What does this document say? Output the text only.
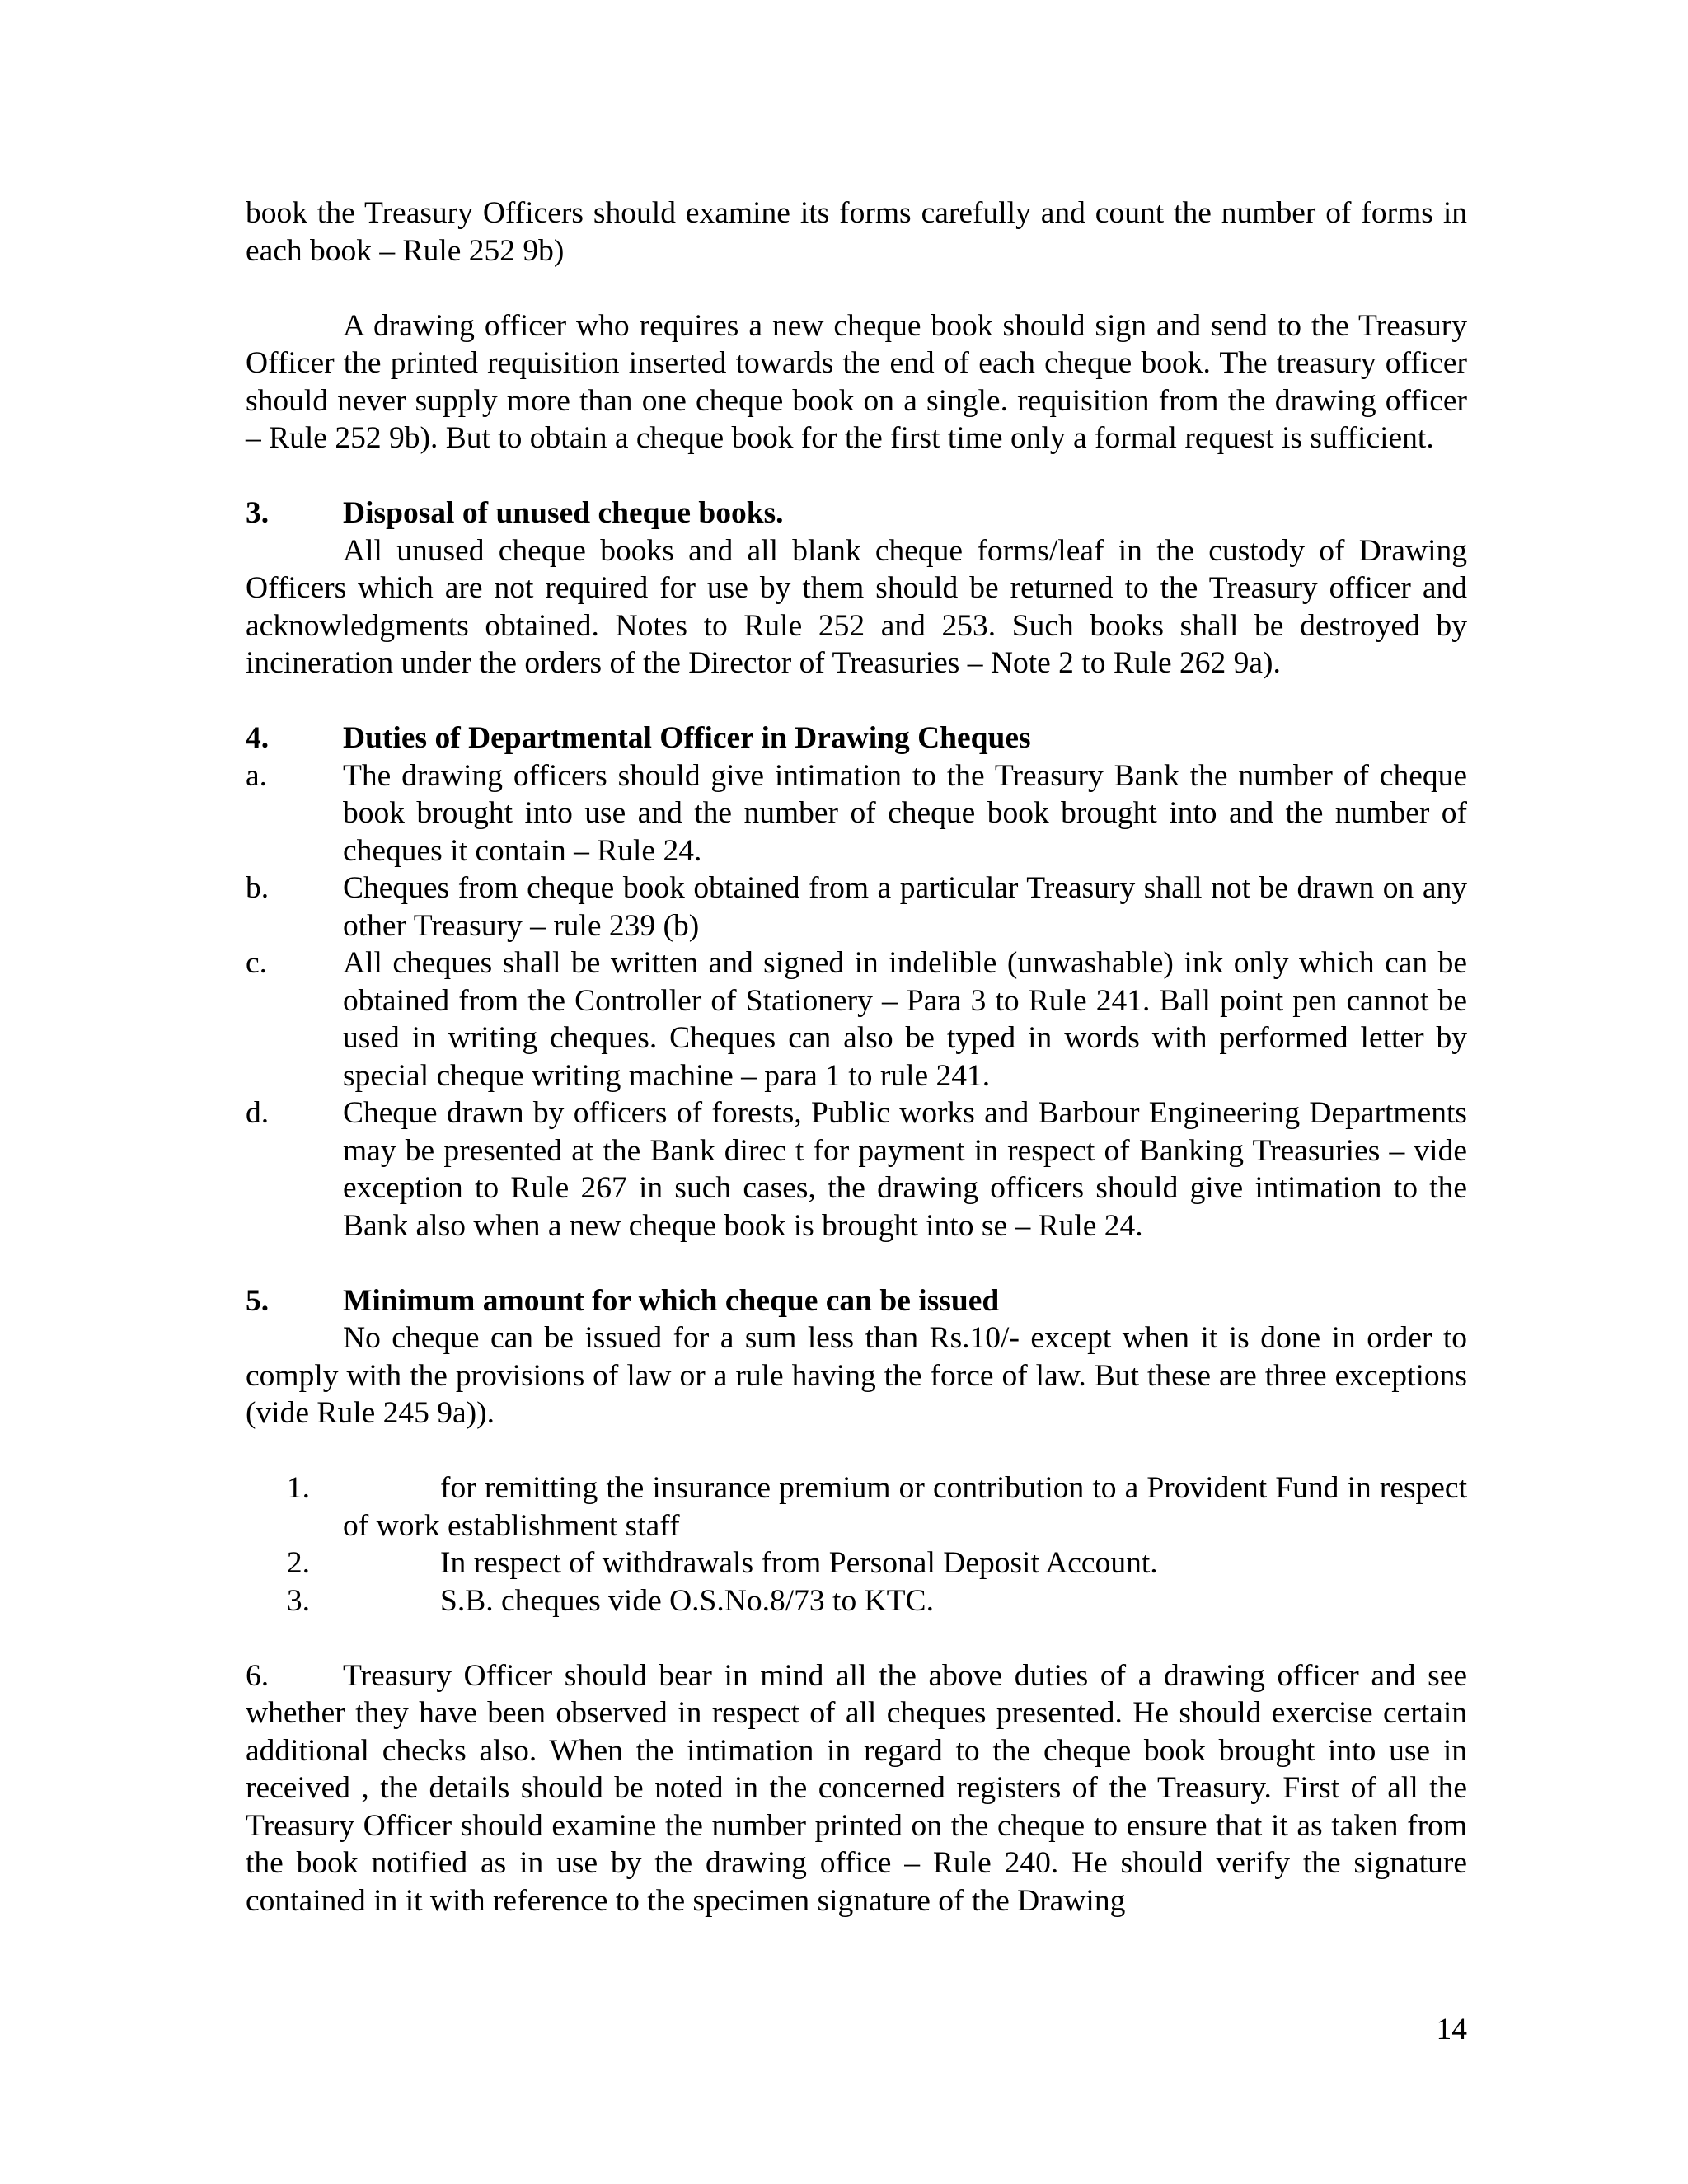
book the Treasury Officers should examine its forms carefully and count the number of forms in each book – Rule 252 9b)

A drawing officer who requires a new cheque book should sign and send to the Treasury Officer the printed requisition inserted towards the end of each cheque book. The treasury officer should never supply more than one cheque book on a single. requisition from the drawing officer – Rule 252 9b). But to obtain a cheque book for the first time only a formal request is sufficient.

3.	Disposal of unused cheque books.

All unused cheque books and all blank cheque forms/leaf in the custody of Drawing Officers which are not required for use by them should be returned to the Treasury officer and acknowledgments obtained. Notes to Rule 252 and 253. Such books shall be destroyed by incineration under the orders of the Director of Treasuries – Note 2 to Rule 262 9a).

4.	Duties of Departmental Officer in Drawing Cheques
a.	The drawing officers should give intimation to the Treasury Bank the number of cheque book brought into use and the number of cheque book brought into and the number of cheques it contain – Rule 24.
b.	Cheques from cheque book obtained from a particular Treasury shall not be drawn on any other Treasury – rule 239 (b)
c.	All cheques shall be written and signed in indelible (unwashable) ink only which can be obtained from the Controller of Stationery – Para 3 to Rule 241. Ball point pen cannot be used in writing cheques. Cheques can also be typed in words with performed letter by special cheque writing machine – para 1 to rule 241.
d.	Cheque drawn by officers of forests, Public works and Barbour Engineering Departments may be presented at the Bank direc t for payment in respect of Banking Treasuries – vide exception to Rule 267 in such cases, the drawing officers should give intimation to the Bank also when a new cheque book is brought into se – Rule 24.
5.	Minimum amount for which cheque can be issued

No cheque can be issued for a sum less than Rs.10/- except when it is done in order to comply with the provisions of law or a rule having the force of law. But these are three exceptions (vide Rule 245 9a)).

1.	for remitting the insurance premium or contribution to a Provident Fund in respect of work establishment staff

2.	In respect of withdrawals from Personal Deposit Account.

3.	S.B. cheques vide O.S.No.8/73 to KTC.

6. Treasury Officer should bear in mind all the above duties of a drawing officer and see whether they have been observed in respect of all cheques presented. He should exercise certain additional checks also. When the intimation in regard to the cheque book brought into use in received , the details should be noted in the concerned registers of the Treasury. First of all the Treasury Officer should examine the number printed on the cheque to ensure that it as taken from the book notified as in use by the drawing office – Rule 240. He should verify the signature contained in it with reference to the specimen signature of the Drawing

14
